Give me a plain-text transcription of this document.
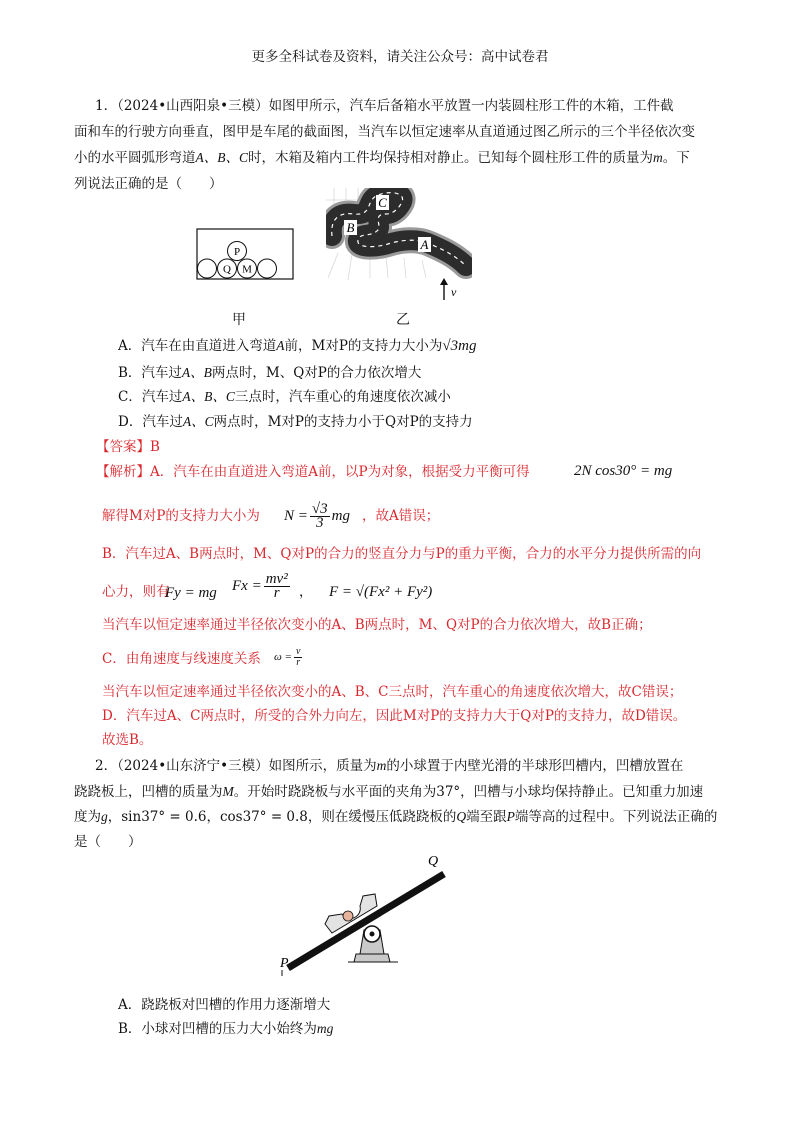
更多全科试卷及资料，请关注公众号：高中试卷君
1．（2024•山西阳泉•三模）如图甲所示，汽车后备箱水平放置一内装圆柱形工件的木箱，工件截
面和车的行驶方向垂直，图甲是车尾的截面图，当汽车以恒定速率从直道通过图乙所示的三个半径依次变
小的水平圆弧形弯道A、B、C时，木箱及箱内工件均保持相对静止。已知每个圆柱形工件的质量为m。下
列说法正确的是（　　）
P
Q M
甲
C
B
A
v
乙
A．汽车在由直道进入弯道A前，M对P的支持力大小为√3mg
B．汽车过A、B两点时，M、Q对P的合力依次增大
C．汽车过A、B、C三点时，汽车重心的角速度依次减小
D．汽车过A、C两点时，M对P的支持力小于Q对P的支持力
【答案】B
【解析】A．汽车在由直道进入弯道A前，以P为对象，根据受力平衡可得	2N cos30° = mg
解得M对P的支持力大小为 $N = \frac{√3}{3}$ mg ，故A错误；
B．汽车过A、B两点时，M、Q对P的合力的竖直分力与P的重力平衡，合力的水平分力提供所需的向
心力，则有
Fy = mg $Fx = \frac{\text{mv²}}{r}$ ， F = √(Fx² + Fy²)
当汽车以恒定速率通过半径依次变小的A、B两点时，M、Q对P的合力依次增大，故B正确；
C．由角速度与线速度关系 $\omega = \frac{v}{r}$
当汽车以恒定速率通过半径依次变小的A、B、C三点时，汽车重心的角速度依次增大，故C错误；
D．汽车过A、C两点时，所受的合外力向左，因此M对P的支持力大于Q对P的支持力，故D错误。
故选B。
2．（2024•山东济宁•三模）如图所示，质量为m的小球置于内壁光滑的半球形凹槽内，凹槽放置在
跷跷板上，凹槽的质量为M。开始时跷跷板与水平面的夹角为37°，凹槽与小球均保持静止。已知重力加速
度为g，sin37° = 0.6，cos37° = 0.8，则在缓慢压低跷跷板的Q端至跟P端等高的过程中。下列说法正确的
是（　　）
Q
P
A．跷跷板对凹槽的作用力逐渐增大
B．小球对凹槽的压力大小始终为mg
